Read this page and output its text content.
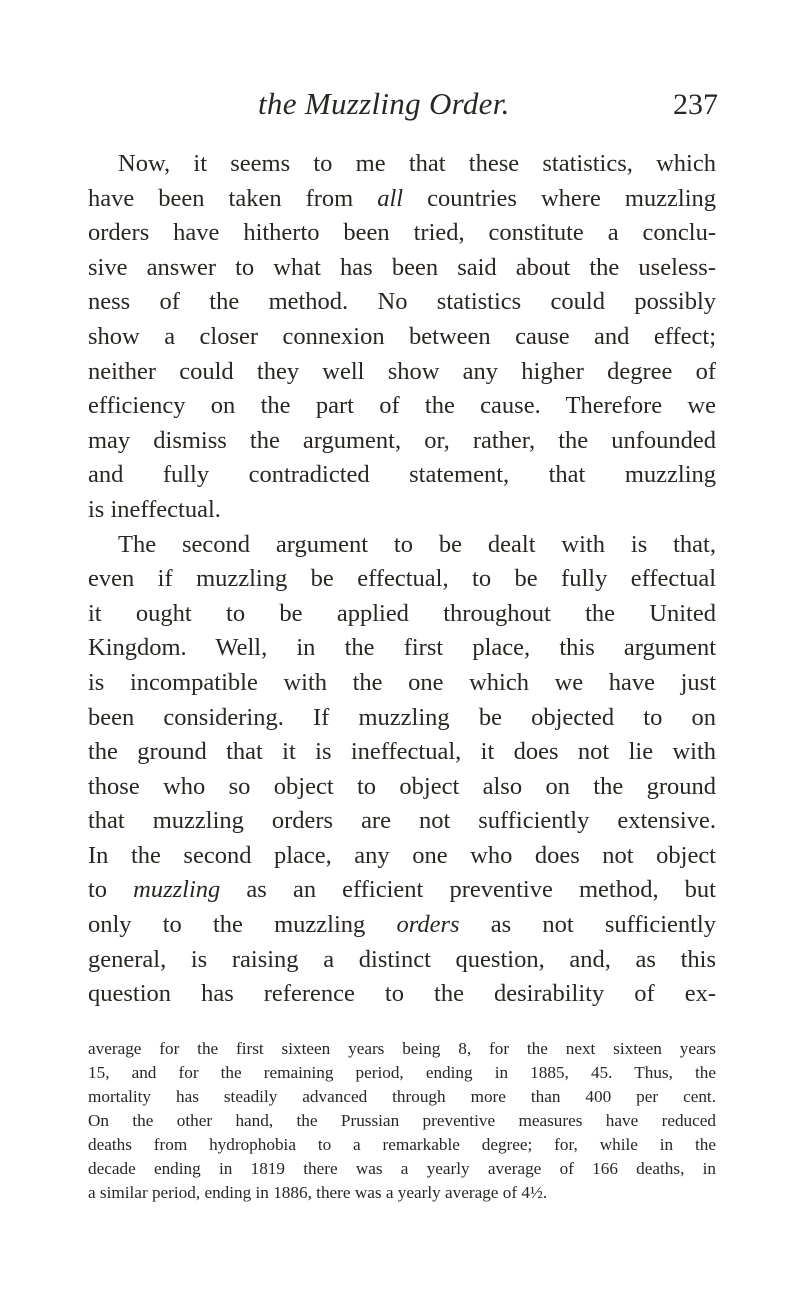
the Muzzling Order.	237
Now, it seems to me that these statistics, which
have been taken from all countries where muzzling
orders have hitherto been tried, constitute a conclu-
sive answer to what has been said about the useless-
ness of the method. No statistics could possibly
show a closer connexion between cause and effect;
neither could they well show any higher degree of
efficiency on the part of the cause. Therefore we
may dismiss the argument, or, rather, the unfounded
and fully contradicted statement, that muzzling
is ineffectual.
The second argument to be dealt with is that,
even if muzzling be effectual, to be fully effectual
it ought to be applied throughout the United
Kingdom. Well, in the first place, this argument
is incompatible with the one which we have just
been considering. If muzzling be objected to on
the ground that it is ineffectual, it does not lie with
those who so object to object also on the ground
that muzzling orders are not sufficiently extensive.
In the second place, any one who does not object
to muzzling as an efficient preventive method, but
only to the muzzling orders as not sufficiently
general, is raising a distinct question, and, as this
question has reference to the desirability of ex-
average for the first sixteen years being 8, for the next sixteen years
15, and for the remaining period, ending in 1885, 45. Thus, the
mortality has steadily advanced through more than 400 per cent.
On the other hand, the Prussian preventive measures have reduced
deaths from hydrophobia to a remarkable degree; for, while in the
decade ending in 1819 there was a yearly average of 166 deaths, in
a similar period, ending in 1886, there was a yearly average of 4½.
